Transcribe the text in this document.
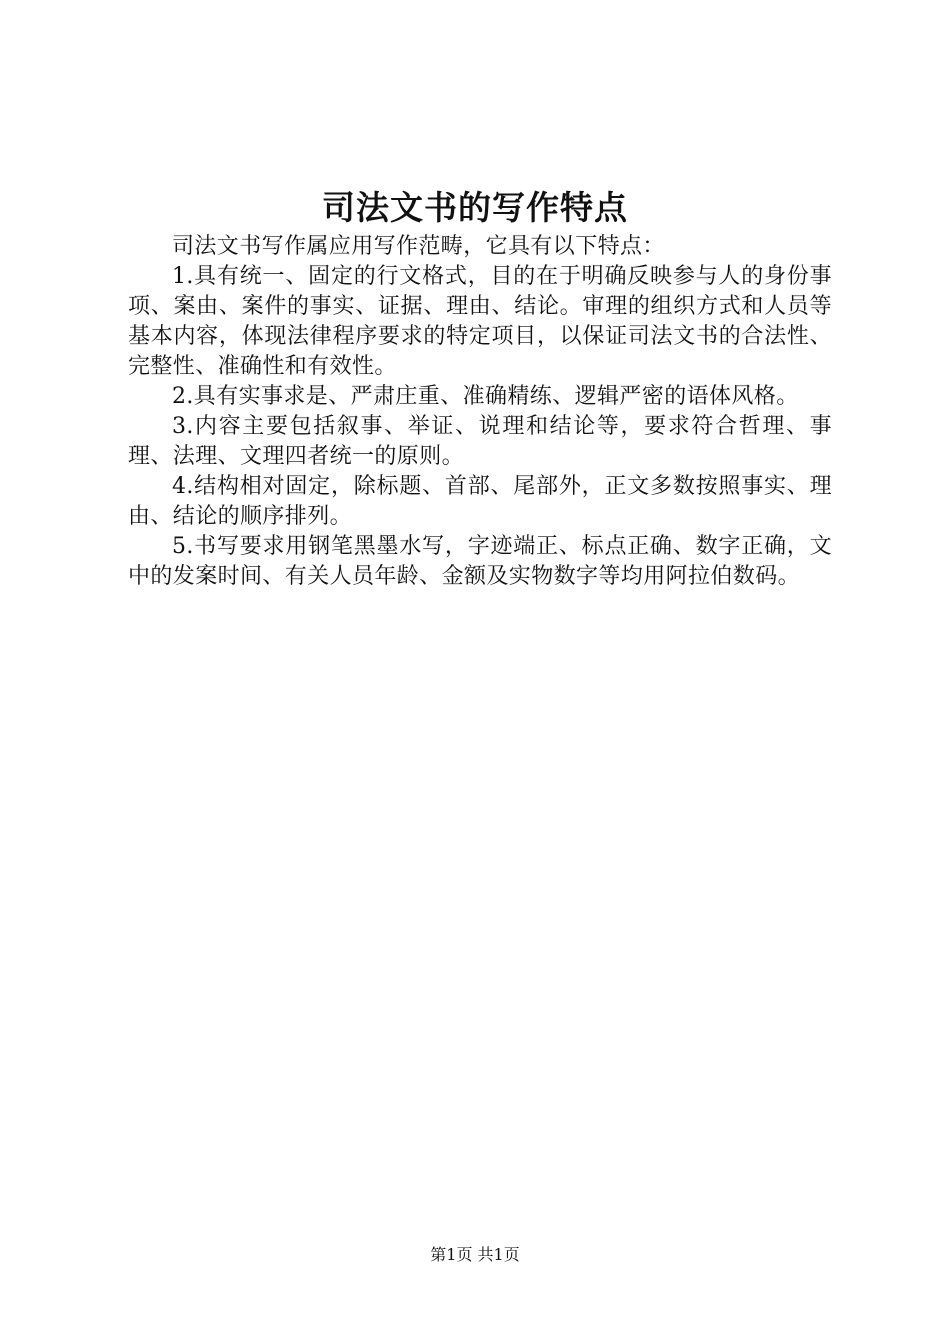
司法文书的写作特点

司法文书写作属应用写作范畴，它具有以下特点：

1.具有统一、固定的行文格式，目的在于明确反映参与人的身份事项、案由、案件的事实、证据、理由、结论。审理的组织方式和人员等基本内容，体现法律程序要求的特定项目，以保证司法文书的合法性、完整性、准确性和有效性。

2.具有实事求是、严肃庄重、准确精练、逻辑严密的语体风格。

3.内容主要包括叙事、举证、说理和结论等，要求符合哲理、事理、法理、文理四者统一的原则。

4.结构相对固定，除标题、首部、尾部外，正文多数按照事实、理由、结论的顺序排列。

5.书写要求用钢笔黑墨水写，字迹端正、标点正确、数字正确，文中的发案时间、有关人员年龄、金额及实物数字等均用阿拉伯数码。

第1页 共1页
